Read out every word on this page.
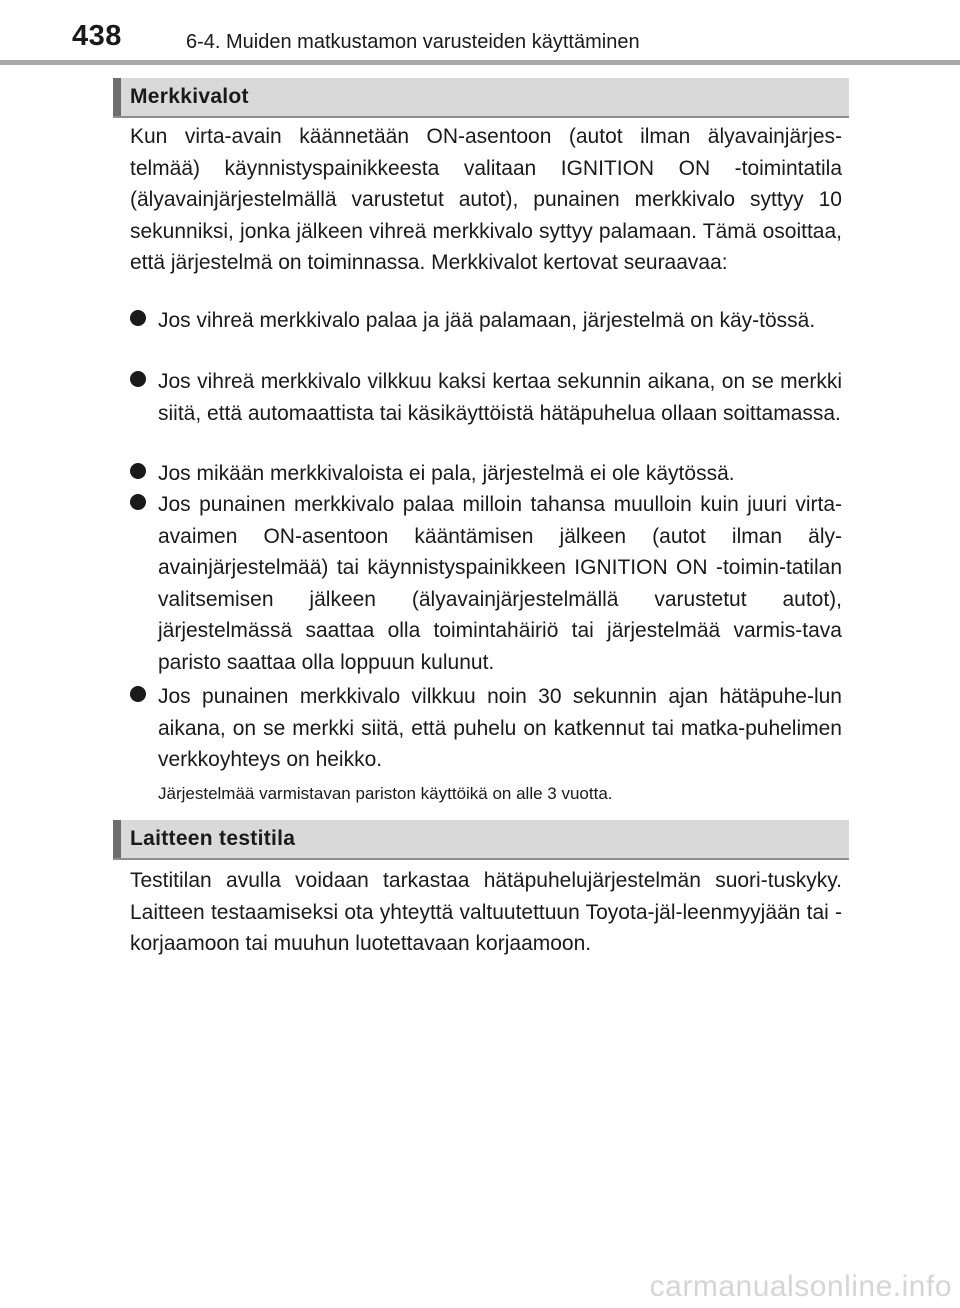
438	6-4. Muiden matkustamon varusteiden käyttäminen
Merkkivalot

Kun virta-avain käännetään ON-asentoon (autot ilman älyavainjärjes-telmää) käynnistyspainikkeesta valitaan IGNITION ON -toimintatila (älyavainjärjestelmällä varustetut autot), punainen merkkivalo syttyy 10 sekunniksi, jonka jälkeen vihreä merkkivalo syttyy palamaan. Tämä osoittaa, että järjestelmä on toiminnassa. Merkkivalot kertovat seuraavaa:

Jos vihreä merkkivalo palaa ja jää palamaan, järjestelmä on käy-tössä.
Jos vihreä merkkivalo vilkkuu kaksi kertaa sekunnin aikana, on se merkki siitä, että automaattista tai käsikäyttöistä hätäpuhelua ollaan soittamassa.
Jos mikään merkkivaloista ei pala, järjestelmä ei ole käytössä.
Jos punainen merkkivalo palaa milloin tahansa muulloin kuin juuri virta-avaimen ON-asentoon kääntämisen jälkeen (autot ilman äly-avainjärjestelmää) tai käynnistyspainikkeen IGNITION ON -toimin-tatilan valitsemisen jälkeen (älyavainjärjestelmällä varustetut autot), järjestelmässä saattaa olla toimintahäiriö tai järjestelmää varmis-tava paristo saattaa olla loppuun kulunut.
Jos punainen merkkivalo vilkkuu noin 30 sekunnin ajan hätäpuhe-lun aikana, on se merkki siitä, että puhelu on katkennut tai matka-puhelimen verkkoyhteys on heikko.
Järjestelmää varmistavan pariston käyttöikä on alle 3 vuotta.
Laitteen testitila

Testitilan avulla voidaan tarkastaa hätäpuhelujärjestelmän suori-tuskyky. Laitteen testaamiseksi ota yhteyttä valtuutettuun Toyota-jäl-leenmyyjään tai -korjaamoon tai muuhun luotettavaan korjaamoon.

carmanualsonline.info
